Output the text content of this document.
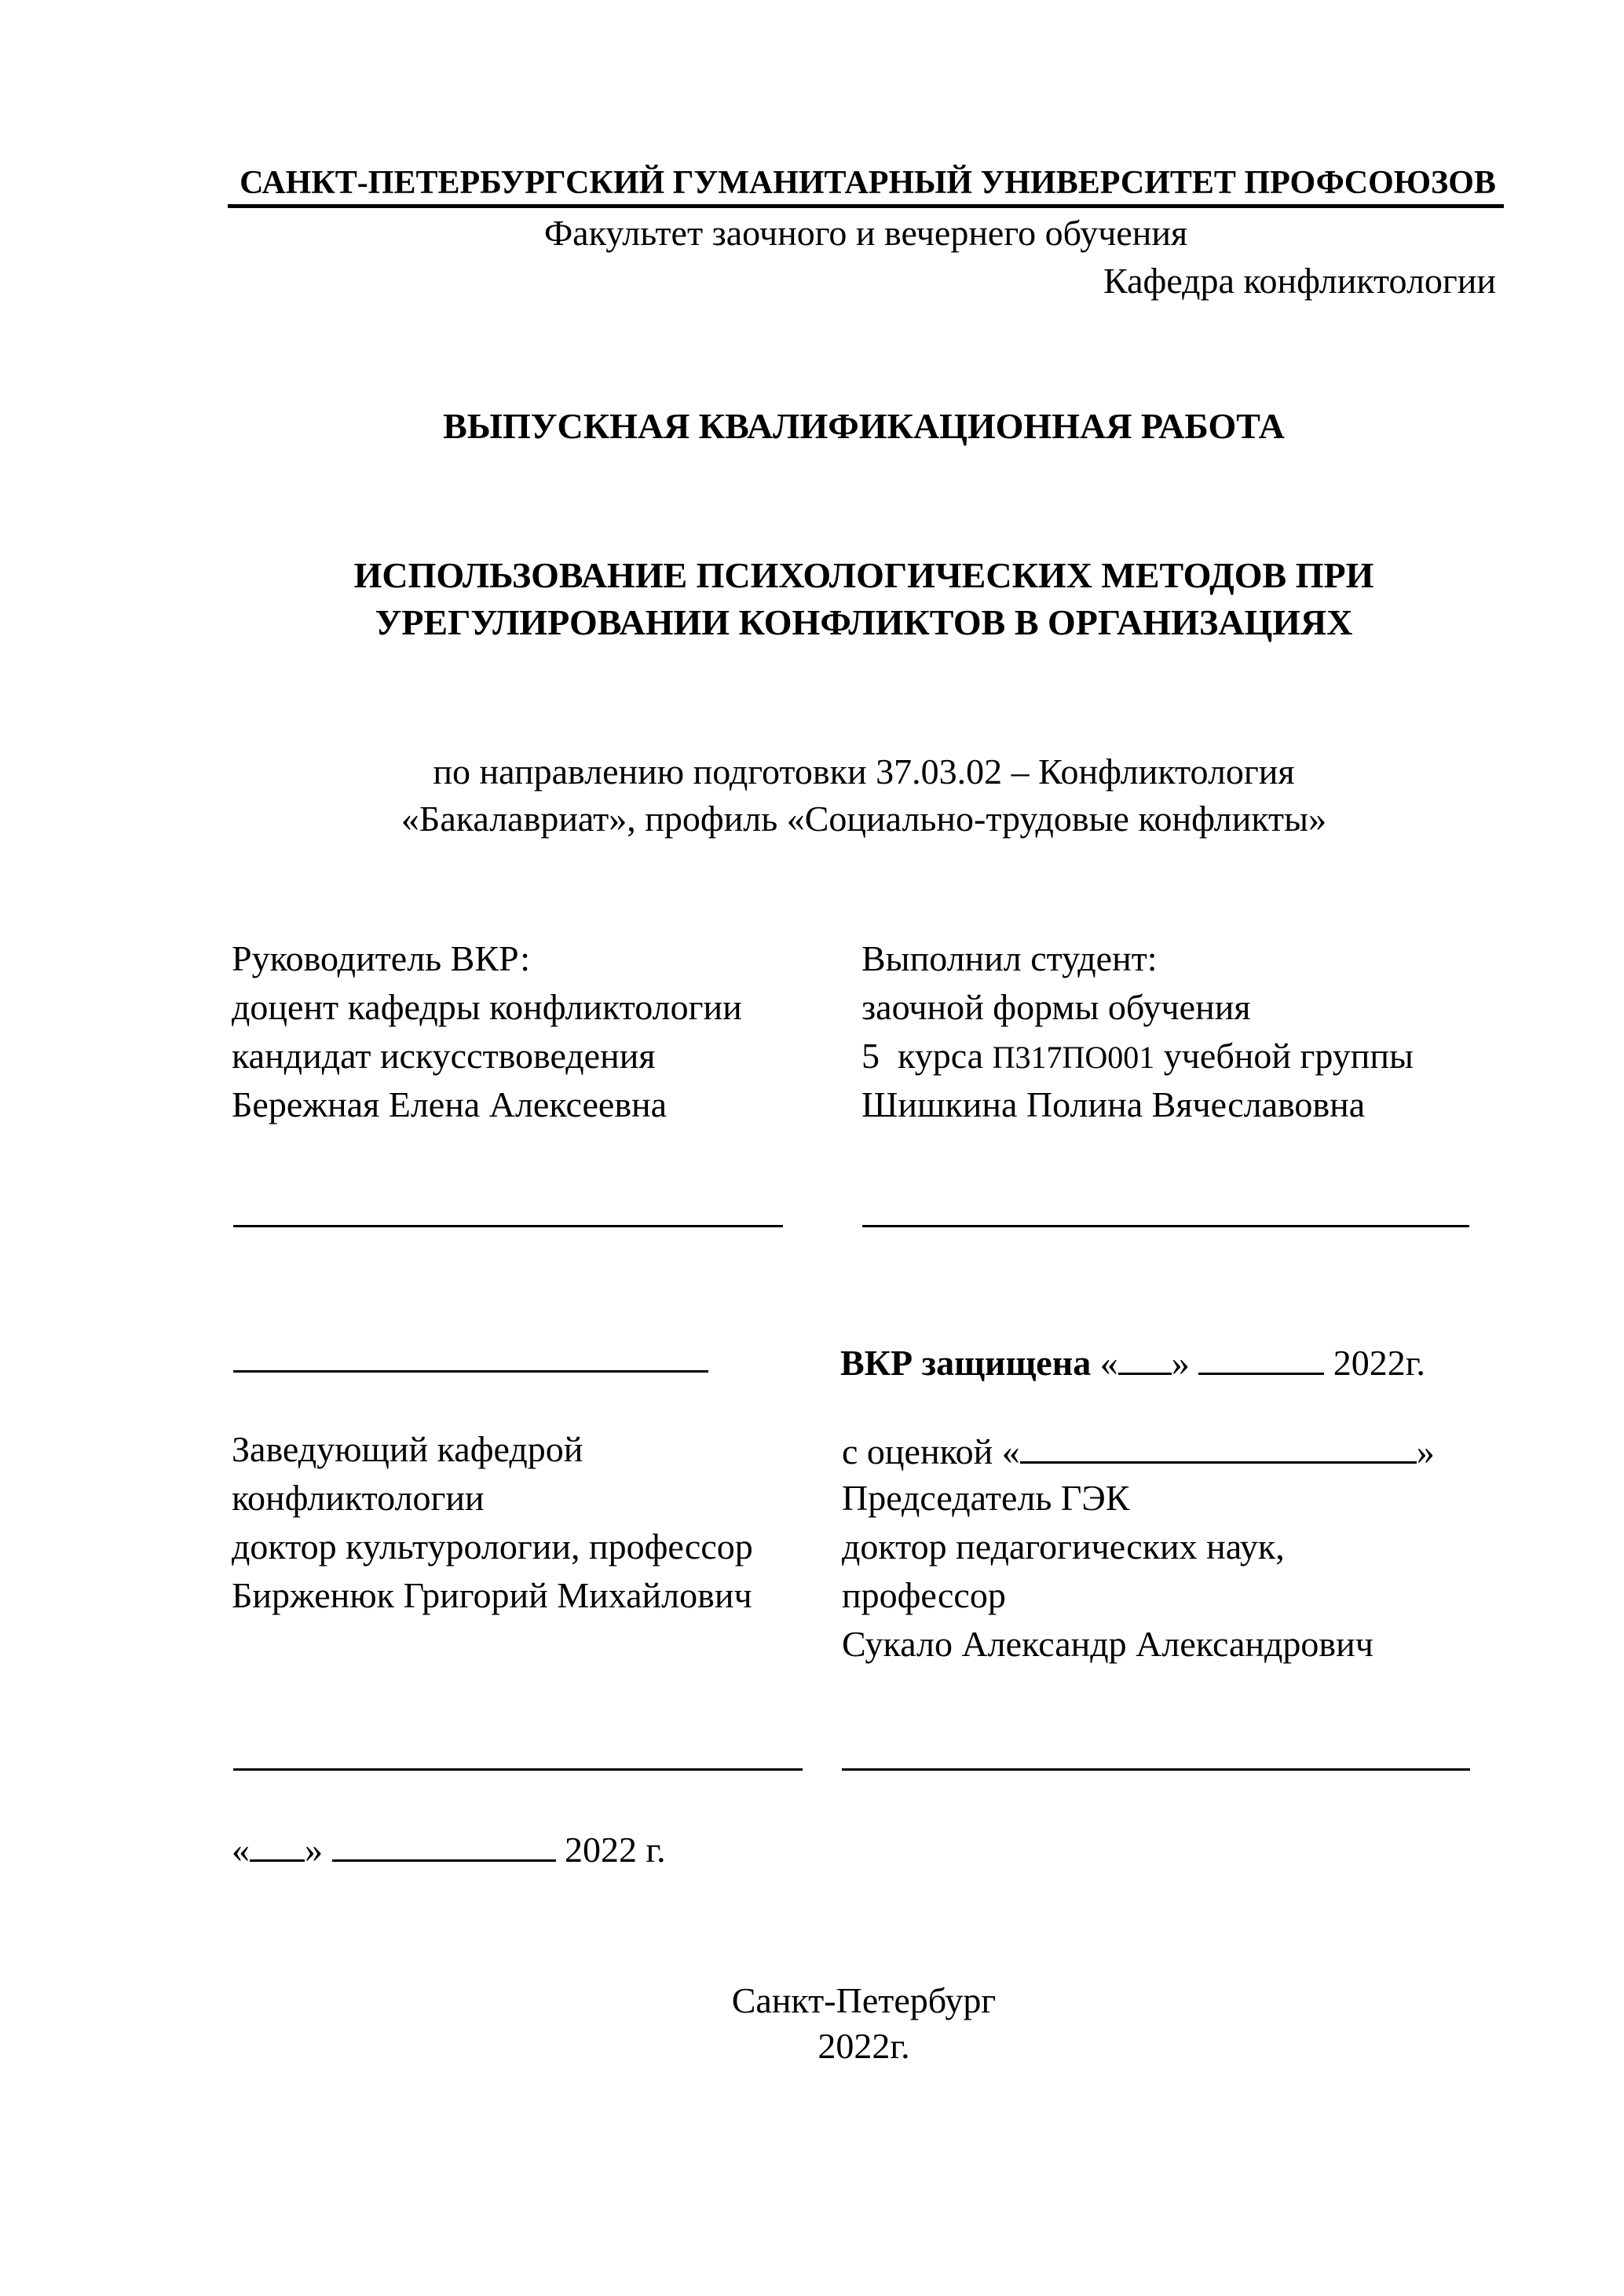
САНКТ-ПЕТЕРБУРГСКИЙ ГУМАНИТАРНЫЙ УНИВЕРСИТЕТ ПРОФСОЮЗОВ
Факультет заочного и вечернего обучения
Кафедра конфликтологии
ВЫПУСКНАЯ КВАЛИФИКАЦИОННАЯ РАБОТА
ИСПОЛЬЗОВАНИЕ ПСИХОЛОГИЧЕСКИХ МЕТОДОВ ПРИ
УРЕГУЛИРОВАНИИ КОНФЛИКТОВ В ОРГАНИЗАЦИЯХ
по направлению подготовки 37.03.02 – Конфликтология
«Бакалавриат», профиль «Социально-трудовые конфликты»
Руководитель ВКР:
доцент кафедры конфликтологии
кандидат искусствоведения
Бережная Елена Алексеевна
Выполнил студент:
заочной формы обучения
5  курса П317ПО001 учебной группы
Шишкина Полина Вячеславовна
ВКР защищена « »	2022г.
Заведующий кафедрой
конфликтологии
доктор культурологии, профессор
Бирженюк Григорий Михайлович
с оценкой «	»
Председатель ГЭК
доктор педагогических наук,
профессор
Сукало Александр Александрович
« »	2022 г.
Санкт-Петербург
2022г.
